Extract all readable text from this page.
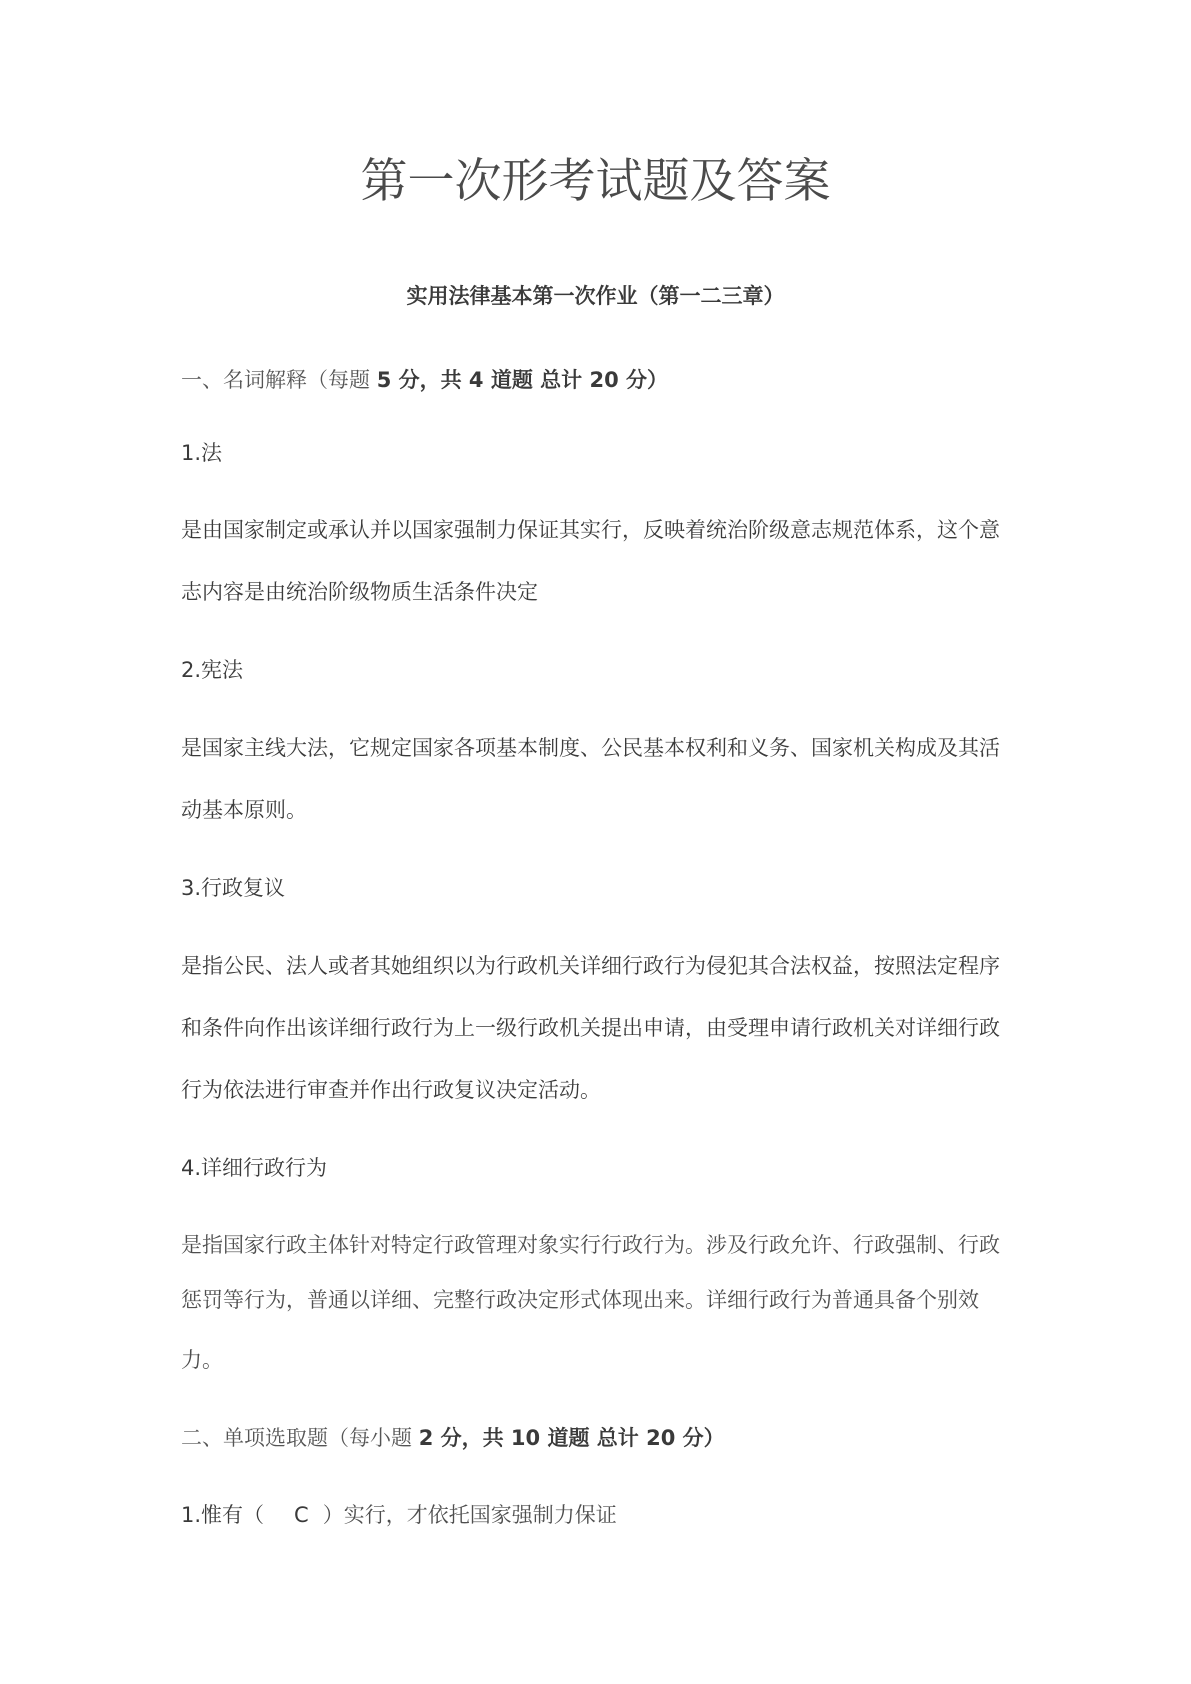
第一次形考试题及答案
实用法律基本第一次作业（第一二三章）
一、名词解释（每题 5 分，共 4 道题 总计 20 分）
1.法
是由国家制定或承认并以国家强制力保证其实行，反映着统治阶级意志规范体系，这个意
志内容是由统治阶级物质生活条件决定
2.宪法
是国家主线大法，它规定国家各项基本制度、公民基本权利和义务、国家机关构成及其活
动基本原则。
3.行政复议
是指公民、法人或者其她组织以为行政机关详细行政行为侵犯其合法权益，按照法定程序
和条件向作出该详细行政行为上一级行政机关提出申请，由受理申请行政机关对详细行政
行为依法进行审查并作出行政复议决定活动。
4.详细行政行为
是指国家行政主体针对特定行政管理对象实行行政行为。涉及行政允许、行政强制、行政
惩罚等行为，普通以详细、完整行政决定形式体现出来。详细行政行为普通具备个别效
力。
二、单项选取题（每小题 2 分，共 10 道题 总计 20 分）
1.惟有（ C ）实行，才依托国家强制力保证
